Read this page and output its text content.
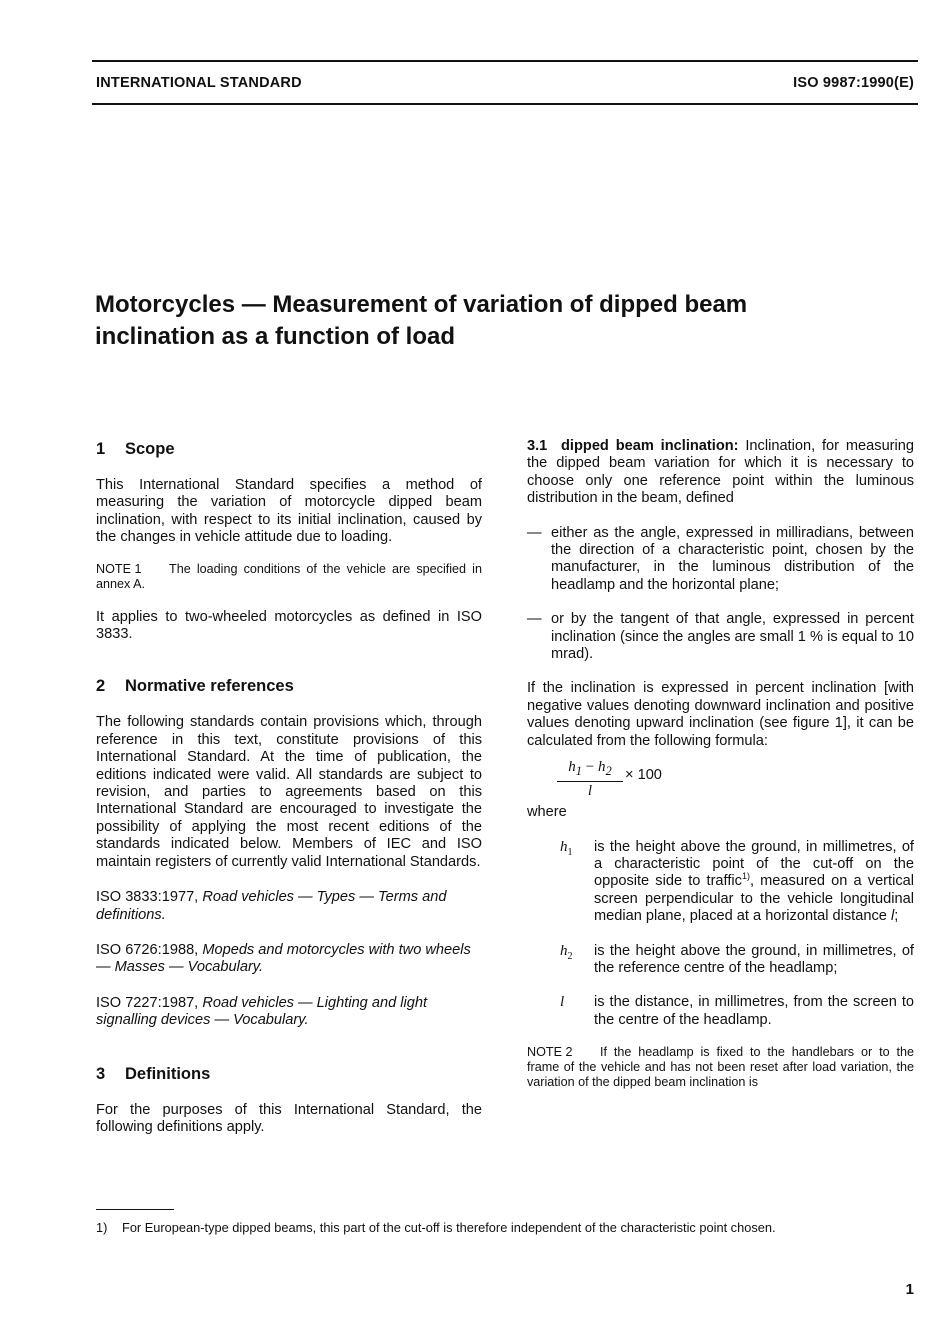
INTERNATIONAL STANDARD	ISO 9987:1990(E)
Motorcycles — Measurement of variation of dipped beam
inclination as a function of load
1 Scope

This International Standard specifies a method of measuring the variation of motorcycle dipped beam inclination, with respect to its initial inclination, caused by the changes in vehicle attitude due to loading.

NOTE 1 The loading conditions of the vehicle are specified in annex A.

It applies to two-wheeled motorcycles as defined in ISO 3833.

2 Normative references

The following standards contain provisions which, through reference in this text, constitute provisions of this International Standard. At the time of publication, the editions indicated were valid. All standards are subject to revision, and parties to agreements based on this International Standard are encouraged to investigate the possibility of applying the most recent editions of the standards indicated below. Members of IEC and ISO maintain registers of currently valid International Standards.

ISO 3833:1977, Road vehicles — Types — Terms and definitions.

ISO 6726:1988, Mopeds and motorcycles with two wheels — Masses — Vocabulary.

ISO 7227:1987, Road vehicles — Lighting and light signalling devices — Vocabulary.

3 Definitions

For the purposes of this International Standard, the following definitions apply.

3.1 dipped beam inclination: Inclination, for measuring the dipped beam variation for which it is necessary to choose only one reference point within the luminous distribution in the beam, defined

— either as the angle, expressed in milliradians, between the direction of a characteristic point, chosen by the manufacturer, in the luminous distribution of the headlamp and the horizontal plane;
— or by the tangent of that angle, expressed in percent inclination (since the angles are small 1 % is equal to 10 mrad).

If the inclination is expressed in percent inclination [with negative values denoting downward inclination and positive values denoting upward inclination (see figure 1], it can be calculated from the following formula:

$h_1 - h_2$
l
× 100

where

$h_1$ is the height above the ground, in millimetres, of a characteristic point of the cut-off on the opposite side to traffic$^{1)}$, measured on a vertical screen perpendicular to the vehicle longitudinal median plane, placed at a horizontal distance l;
$h_2$ is the height above the ground, in millimetres, of the reference centre of the headlamp;
l is the distance, in millimetres, from the screen to the centre of the headlamp.

NOTE 2 If the headlamp is fixed to the handlebars or to the frame of the vehicle and has not been reset after load variation, the variation of the dipped beam inclination is

1) For European-type dipped beams, this part of the cut-off is therefore independent of the characteristic point chosen.
1
